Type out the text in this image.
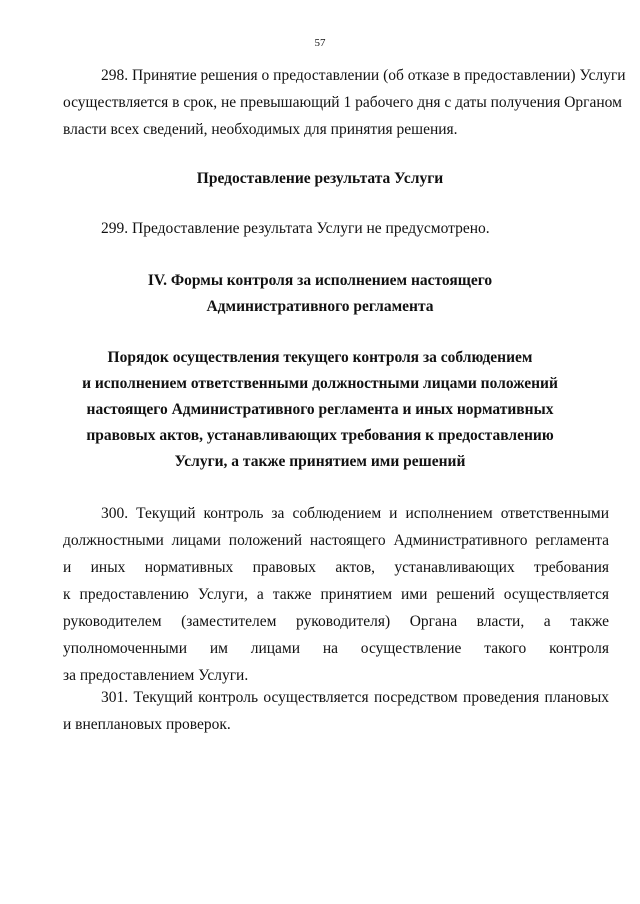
57

298. Принятие решения о предоставлении (об отказе в предоставлении) Услуги
осуществляется в срок, не превышающий 1 рабочего дня с даты получения Органом
власти всех сведений, необходимых для принятия решения.

Предоставление результата Услуги

299. Предоставление результата Услуги не предусмотрено.

IV. Формы контроля за исполнением настоящего
Административного регламента
Порядок осуществления текущего контроля за соблюдением
и исполнением ответственными должностными лицами положений
настоящего Административного регламента и иных нормативных
правовых актов, устанавливающих требования к предоставлению
Услуги, а также принятием ими решений

300. Текущий контроль за соблюдением и исполнением ответственными
должностными лицами положений настоящего Административного регламента
и иных нормативных правовых актов, устанавливающих требования
к предоставлению Услуги, а также принятием ими решений осуществляется
руководителем (заместителем руководителя) Органа власти, а также
уполномоченными им лицами на осуществление такого контроля
за предоставлением Услуги.

301. Текущий контроль осуществляется посредством проведения плановых
и внеплановых проверок.
